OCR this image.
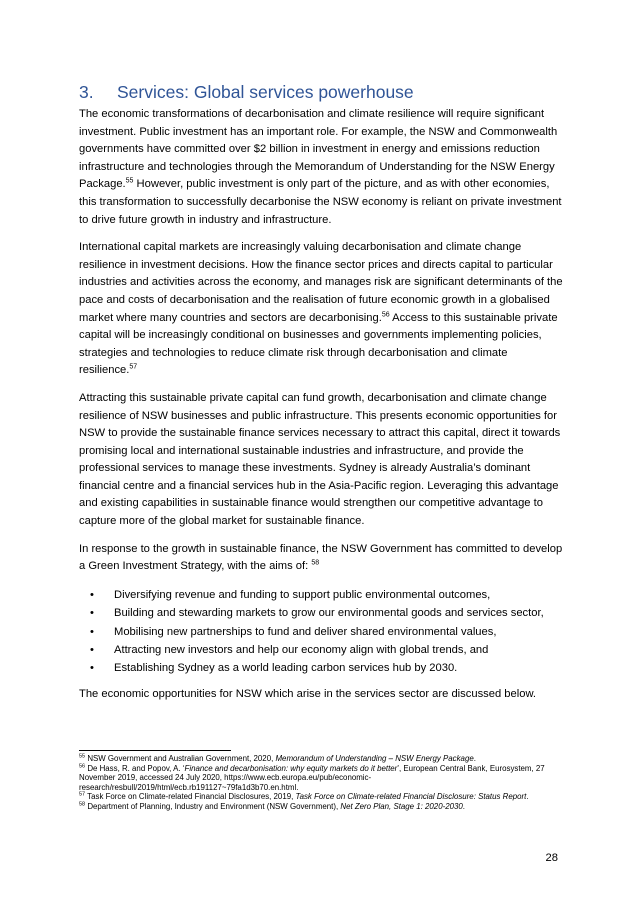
3. Services: Global services powerhouse

The economic transformations of decarbonisation and climate resilience will require significant investment. Public investment has an important role. For example, the NSW and Commonwealth governments have committed over $2 billion in investment in energy and emissions reduction infrastructure and technologies through the Memorandum of Understanding for the NSW Energy Package.$^{55}$ However, public investment is only part of the picture, and as with other economies, this transformation to successfully decarbonise the NSW economy is reliant on private investment to drive future growth in industry and infrastructure.

International capital markets are increasingly valuing decarbonisation and climate change resilience in investment decisions. How the finance sector prices and directs capital to particular industries and activities across the economy, and manages risk are significant determinants of the pace and costs of decarbonisation and the realisation of future economic growth in a globalised market where many countries and sectors are decarbonising.$^{56}$ Access to this sustainable private capital will be increasingly conditional on businesses and governments implementing policies, strategies and technologies to reduce climate risk through decarbonisation and climate resilience.$^{57}$

Attracting this sustainable private capital can fund growth, decarbonisation and climate change resilience of NSW businesses and public infrastructure. This presents economic opportunities for NSW to provide the sustainable finance services necessary to attract this capital, direct it towards promising local and international sustainable industries and infrastructure, and provide the professional services to manage these investments. Sydney is already Australia’s dominant financial centre and a financial services hub in the Asia-Pacific region. Leveraging this advantage and existing capabilities in sustainable finance would strengthen our competitive advantage to capture more of the global market for sustainable finance.

In response to the growth in sustainable finance, the NSW Government has committed to develop a Green Investment Strategy, with the aims of: $^{58}$

• Diversifying revenue and funding to support public environmental outcomes,
• Building and stewarding markets to grow our environmental goods and services sector,
• Mobilising new partnerships to fund and deliver shared environmental values,
• Attracting new investors and help our economy align with global trends, and
• Establishing Sydney as a world leading carbon services hub by 2030.

The economic opportunities for NSW which arise in the services sector are discussed below.

$^{55}$ NSW Government and Australian Government, 2020, Memorandum of Understanding – NSW Energy Package.

$^{56}$ De Hass, R. and Popov, A. ‘Finance and decarbonisation: why equity markets do it better’, European Central Bank, Eurosystem, 27 November 2019, accessed 24 July 2020, https://www.ecb.europa.eu/pub/economic-research/resbull/2019/html/ecb.rb191127~79fa1d3b70.en.html.

$^{57}$ Task Force on Climate-related Financial Disclosures, 2019, Task Force on Climate-related Financial Disclosure: Status Report.

$^{58}$ Department of Planning, Industry and Environment (NSW Government), Net Zero Plan, Stage 1: 2020-2030.

28
